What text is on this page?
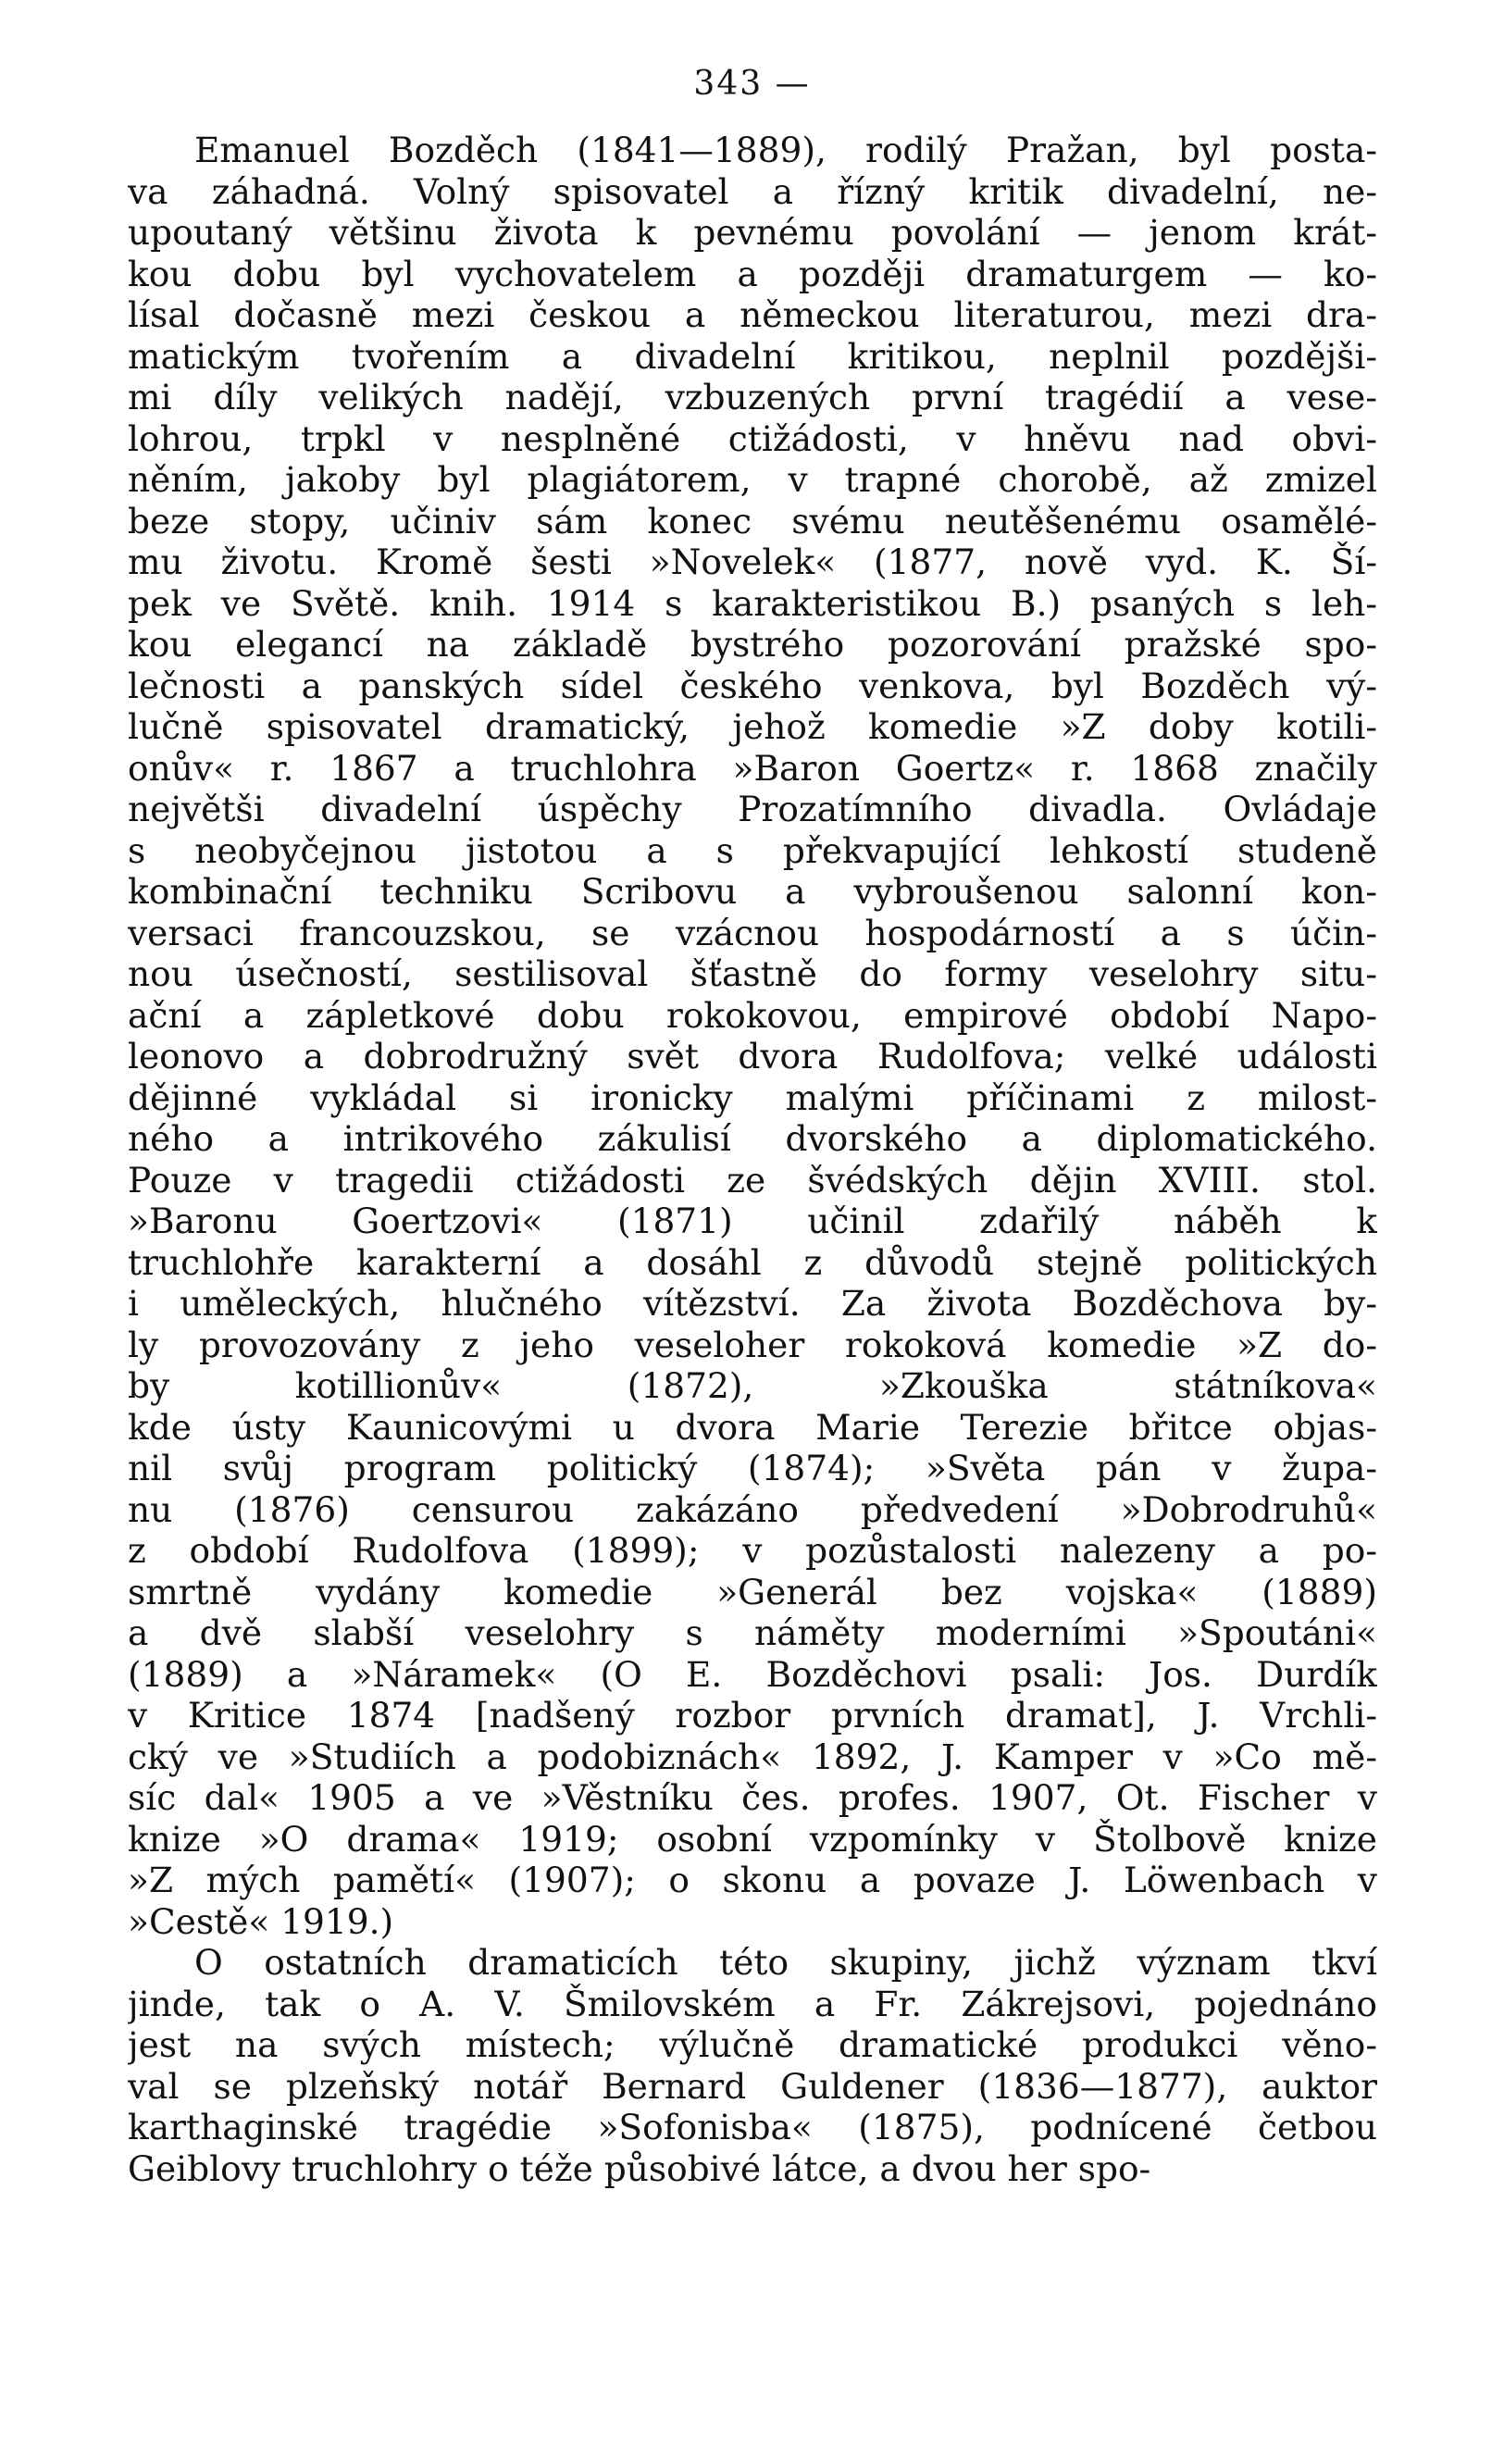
343 —
Emanuel Bozděch (1841—1889), rodilý Pražan, byl posta-
va záhadná. Volný spisovatel a řízný kritik divadelní, ne-
upoutaný většinu života k pevnému povolání — jenom krát-
kou dobu byl vychovatelem a později dramaturgem — ko-
lísal dočasně mezi českou a německou literaturou, mezi dra-
matickým tvořením a divadelní kritikou, neplnil pozdějši-
mi díly velikých nadějí, vzbuzených první tragédií a vese-
lohrou, trpkl v nesplněné ctižádosti, v hněvu nad obvi-
něním, jakoby byl plagiátorem, v trapné chorobě, až zmizel
beze stopy, učiniv sám konec svému neutěšenému osamělé-
mu životu. Kromě šesti »Novelek« (1877, nově vyd. K. Ší-
pek ve Světě. knih. 1914 s karakteristikou B.) psaných s leh-
kou elegancí na základě bystrého pozorování pražské spo-
lečnosti a panských sídel českého venkova, byl Bozděch vý-
lučně spisovatel dramatický, jehož komedie »Z doby kotili-
onův« r. 1867 a truchlohra »Baron Goertz« r. 1868 značily
největši divadelní úspěchy Prozatímního divadla. Ovládaje
s neobyčejnou jistotou a s překvapující lehkostí studeně
kombinační techniku Scribovu a vybroušenou salonní kon-
versaci francouzskou, se vzácnou hospodárností a s účin-
nou úsečností, sestilisoval šťastně do formy veselohry situ-
ační a zápletkové dobu rokokovou, empirové období Napo-
leonovo a dobrodružný svět dvora Rudolfova; velké události
dějinné vykládal si ironicky malými příčinami z milost-
ného a intrikového zákulisí dvorského a diplomatického.
Pouze v tragedii ctižádosti ze švédských dějin XVIII. stol.
»Baronu Goertzovi« (1871) učinil zdařilý náběh k
truchlohře karakterní a dosáhl z důvodů stejně politických
i uměleckých, hlučného vítězství. Za života Bozděchova by-
ly provozovány z jeho veseloher rokoková komedie »Z do-
by kotillionův« (1872), »Zkouška státníkova«
kde ústy Kaunicovými u dvora Marie Terezie břitce objas-
nil svůj program politický (1874); »Světa pán v župa-
nu (1876) censurou zakázáno předvedení »Dobrodruhů«
z období Rudolfova (1899); v pozůstalosti nalezeny a po-
smrtně vydány komedie »Generál bez vojska« (1889)
a dvě slabší veselohry s náměty moderními »Spoutáni«
(1889) a »Náramek« (O E. Bozděchovi psali: Jos. Durdík
v Kritice 1874 [nadšený rozbor prvních dramat], J. Vrchli-
cký ve »Studiích a podobiznách« 1892, J. Kamper v »Co mě-
síc dal« 1905 a ve »Věstníku čes. profes. 1907, Ot. Fischer v
knize »O drama« 1919; osobní vzpomínky v Štolbově knize
»Z mých pamětí« (1907); o skonu a povaze J. Löwenbach v
»Cestě« 1919.)
O ostatních dramaticích této skupiny, jichž význam tkví
jinde, tak o A. V. Šmilovském a Fr. Zákrejsovi, pojednáno
jest na svých místech; výlučně dramatické produkci věno-
val se plzeňský notář Bernard Guldener (1836—1877), auktor
karthaginské tragédie »Sofonisba« (1875), podnícené četbou
Geiblovy truchlohry o téže působivé látce, a dvou her spo-
